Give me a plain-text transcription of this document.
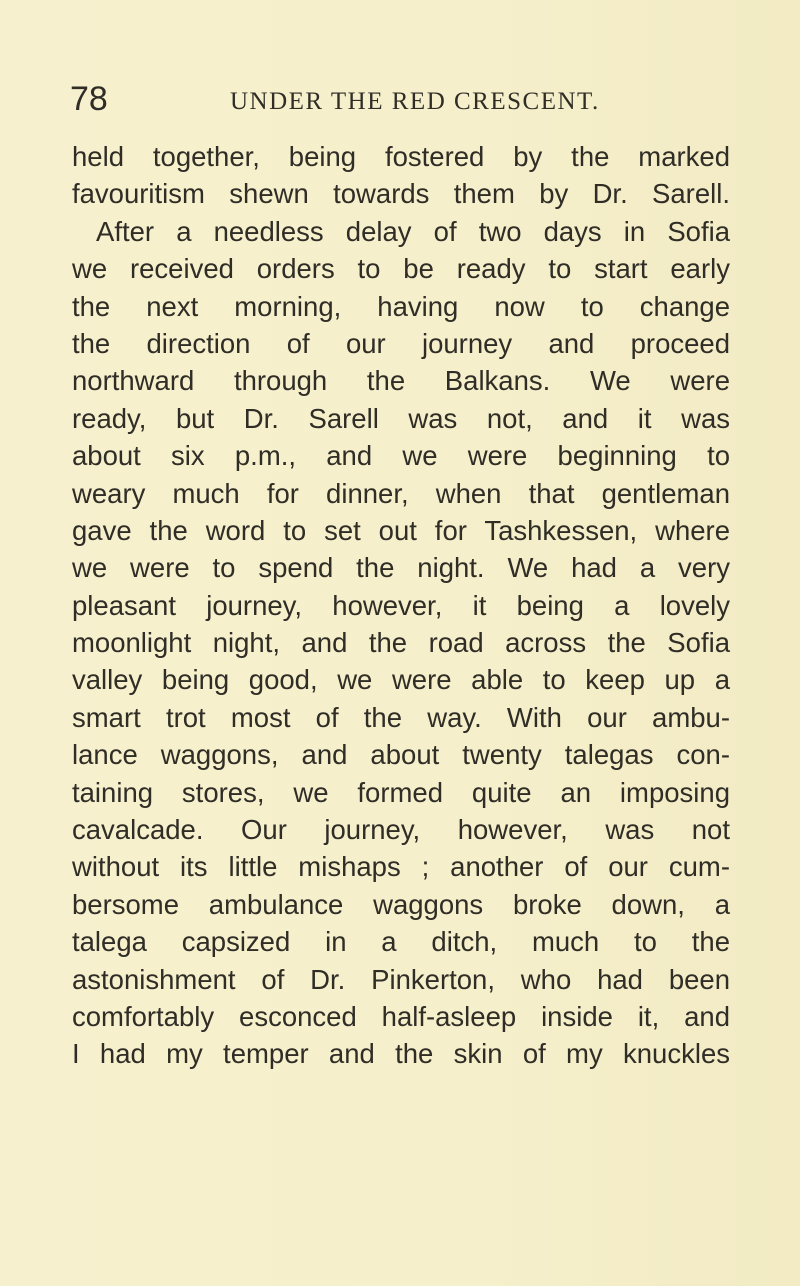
78	UNDER THE RED CRESCENT.
held together, being fostered by the marked
favouritism shewn towards them by Dr. Sarell.
After a needless delay of two days in Sofia
we received orders to be ready to start early
the next morning, having now to change
the direction of our journey and proceed
northward through the Balkans. We were
ready, but Dr. Sarell was not, and it was
about six p.m., and we were beginning to
weary much for dinner, when that gentleman
gave the word to set out for Tashkessen, where
we were to spend the night. We had a very
pleasant journey, however, it being a lovely
moonlight night, and the road across the Sofia
valley being good, we were able to keep up a
smart trot most of the way. With our ambu-
lance waggons, and about twenty talegas con-
taining stores, we formed quite an imposing
cavalcade. Our journey, however, was not
without its little mishaps ; another of our cum-
bersome ambulance waggons broke down, a
talega capsized in a ditch, much to the
astonishment of Dr. Pinkerton, who had been
comfortably esconced half-asleep inside it, and
I had my temper and the skin of my knuckles
